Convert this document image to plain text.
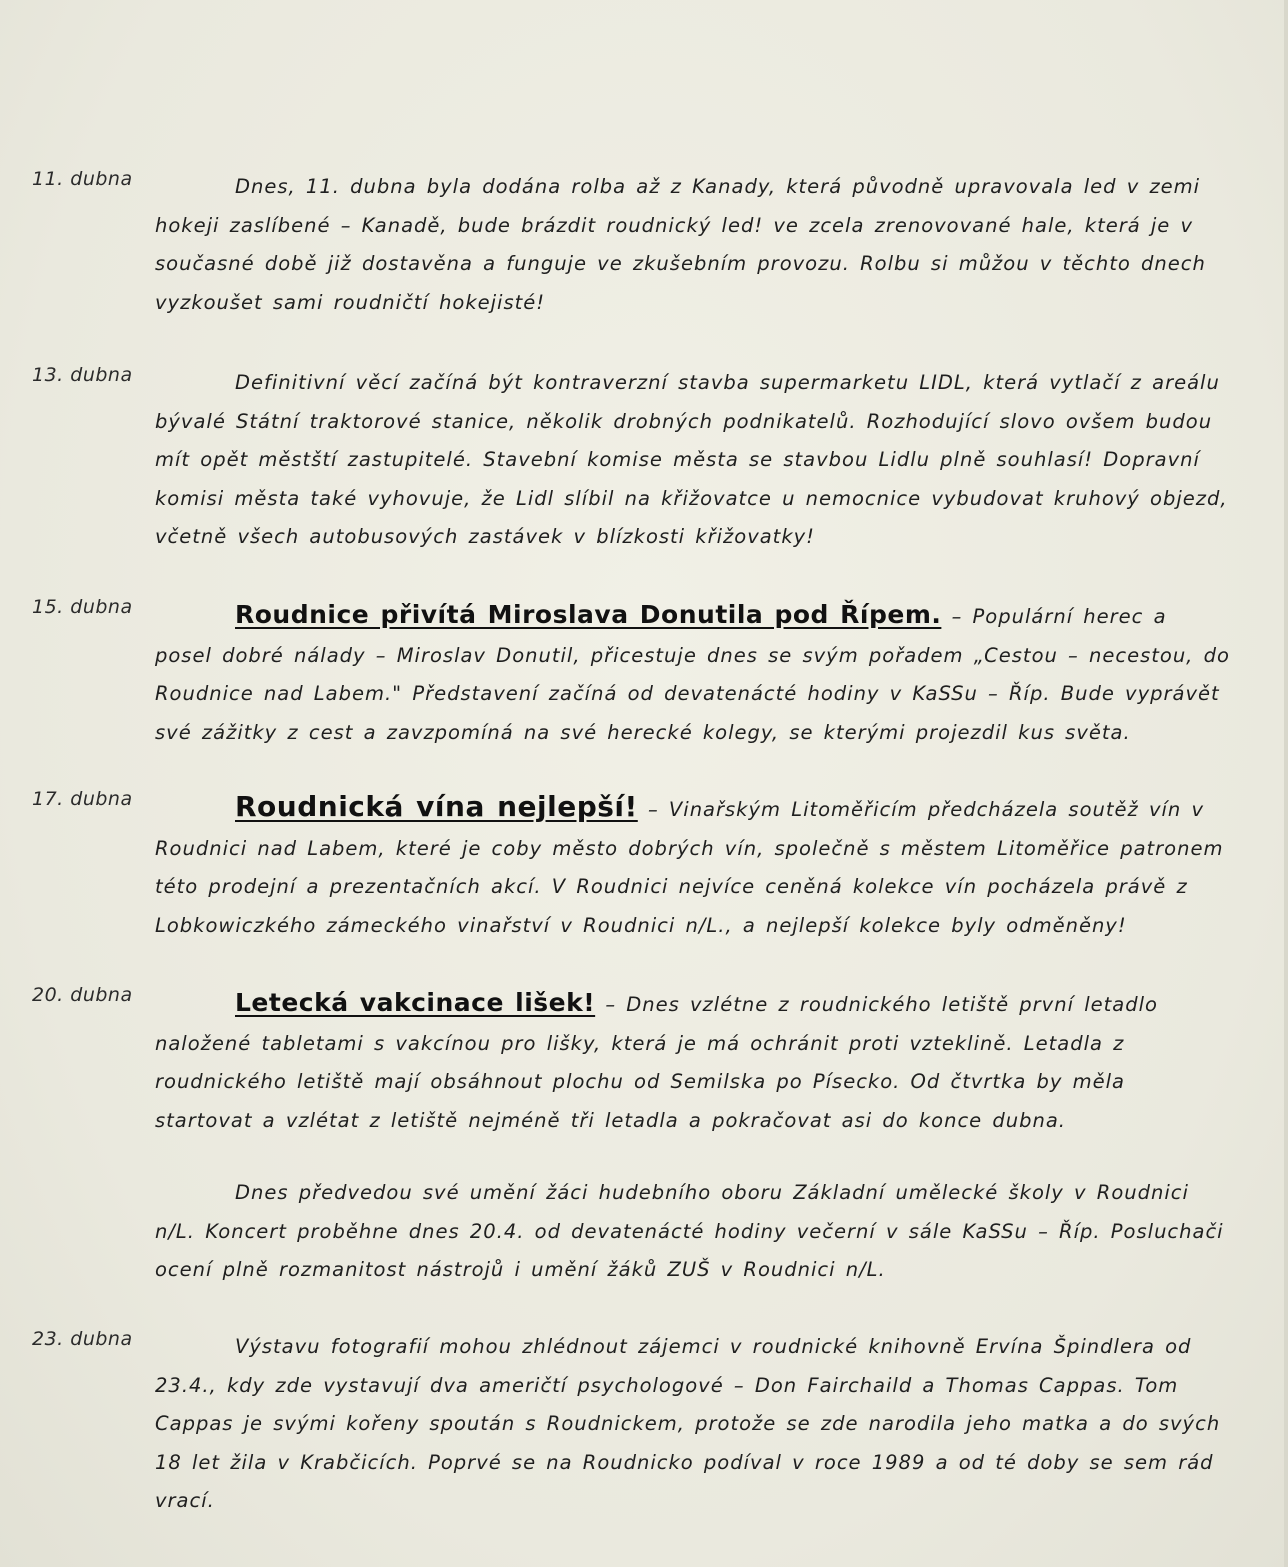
11. dubna	Dnes, 11. dubna byla dodána rolba až z Kanady, která původně upravovala led v zemi hokeji zaslíbené – Kanadě, bude brázdit roudnický led! ve zcela zrenovované hale, která je v současné době již dostavěna a funguje ve zkušebním provozu. Rolbu si můžou v těchto dnech vyzkoušet sami roudničtí hokejisté!

13. dubna	Definitivní věcí začíná být kontraverzní stavba supermarketu LIDL, která vytlačí z areálu bývalé Státní traktorové stanice, několik drobných podnikatelů. Rozhodující slovo ovšem budou mít opět městští zastupitelé. Stavební komise města se stavbou Lidlu plně souhlasí! Dopravní komisi města také vyhovuje, že Lidl slíbil na křižovatce u nemocnice vybudovat kruhový objezd, včetně všech autobusových zastávek v blízkosti křižovatky!

15. dubna	Roudnice přivítá Miroslava Donutila pod Řípem. – Populární herec a posel dobré nálady – Miroslav Donutil, přicestuje dnes se svým pořadem „Cestou – necestou, do Roudnice nad Labem." Představení začíná od devatenácté hodiny v KaSSu – Říp. Bude vyprávět své zážitky z cest a zavzpomíná na své herecké kolegy, se kterými projezdil kus světa.

17. dubna	Roudnická vína nejlepší! – Vinařským Litoměřicím předcházela soutěž vín v Roudnici nad Labem, které je coby město dobrých vín, společně s městem Litoměřice patronem této prodejní a prezentačních akcí. V Roudnici nejvíce ceněná kolekce vín pocházela právě z Lobkowiczkého zámeckého vinařství v Roudnici n/L., a nejlepší kolekce byly odměněny!

20. dubna	Letecká vakcinace lišek! – Dnes vzlétne z roudnického letiště první letadlo naložené tabletami s vakcínou pro lišky, která je má ochránit proti vzteklině. Letadla z roudnického letiště mají obsáhnout plochu od Semilska po Písecko. Od čtvrtka by měla startovat a vzlétat z letiště nejméně tři letadla a pokračovat asi do konce dubna.

Dnes předvedou své umění žáci hudebního oboru Základní umělecké školy v Roudnici n/L. Koncert proběhne dnes 20.4. od devatenácté hodiny večerní v sále KaSSu – Říp. Posluchači ocení plně rozmanitost nástrojů i umění žáků ZUŠ v Roudnici n/L.

23. dubna	Výstavu fotografií mohou zhlédnout zájemci v roudnické knihovně Ervína Špindlera od 23.4., kdy zde vystavují dva američtí psychologové – Don Fairchaild a Thomas Cappas. Tom Cappas je svými kořeny spoután s Roudnickem, protože se zde narodila jeho matka a do svých 18 let žila v Krabčicích. Poprvé se na Roudnicko podíval v roce 1989 a od té doby se sem rád vrací.
